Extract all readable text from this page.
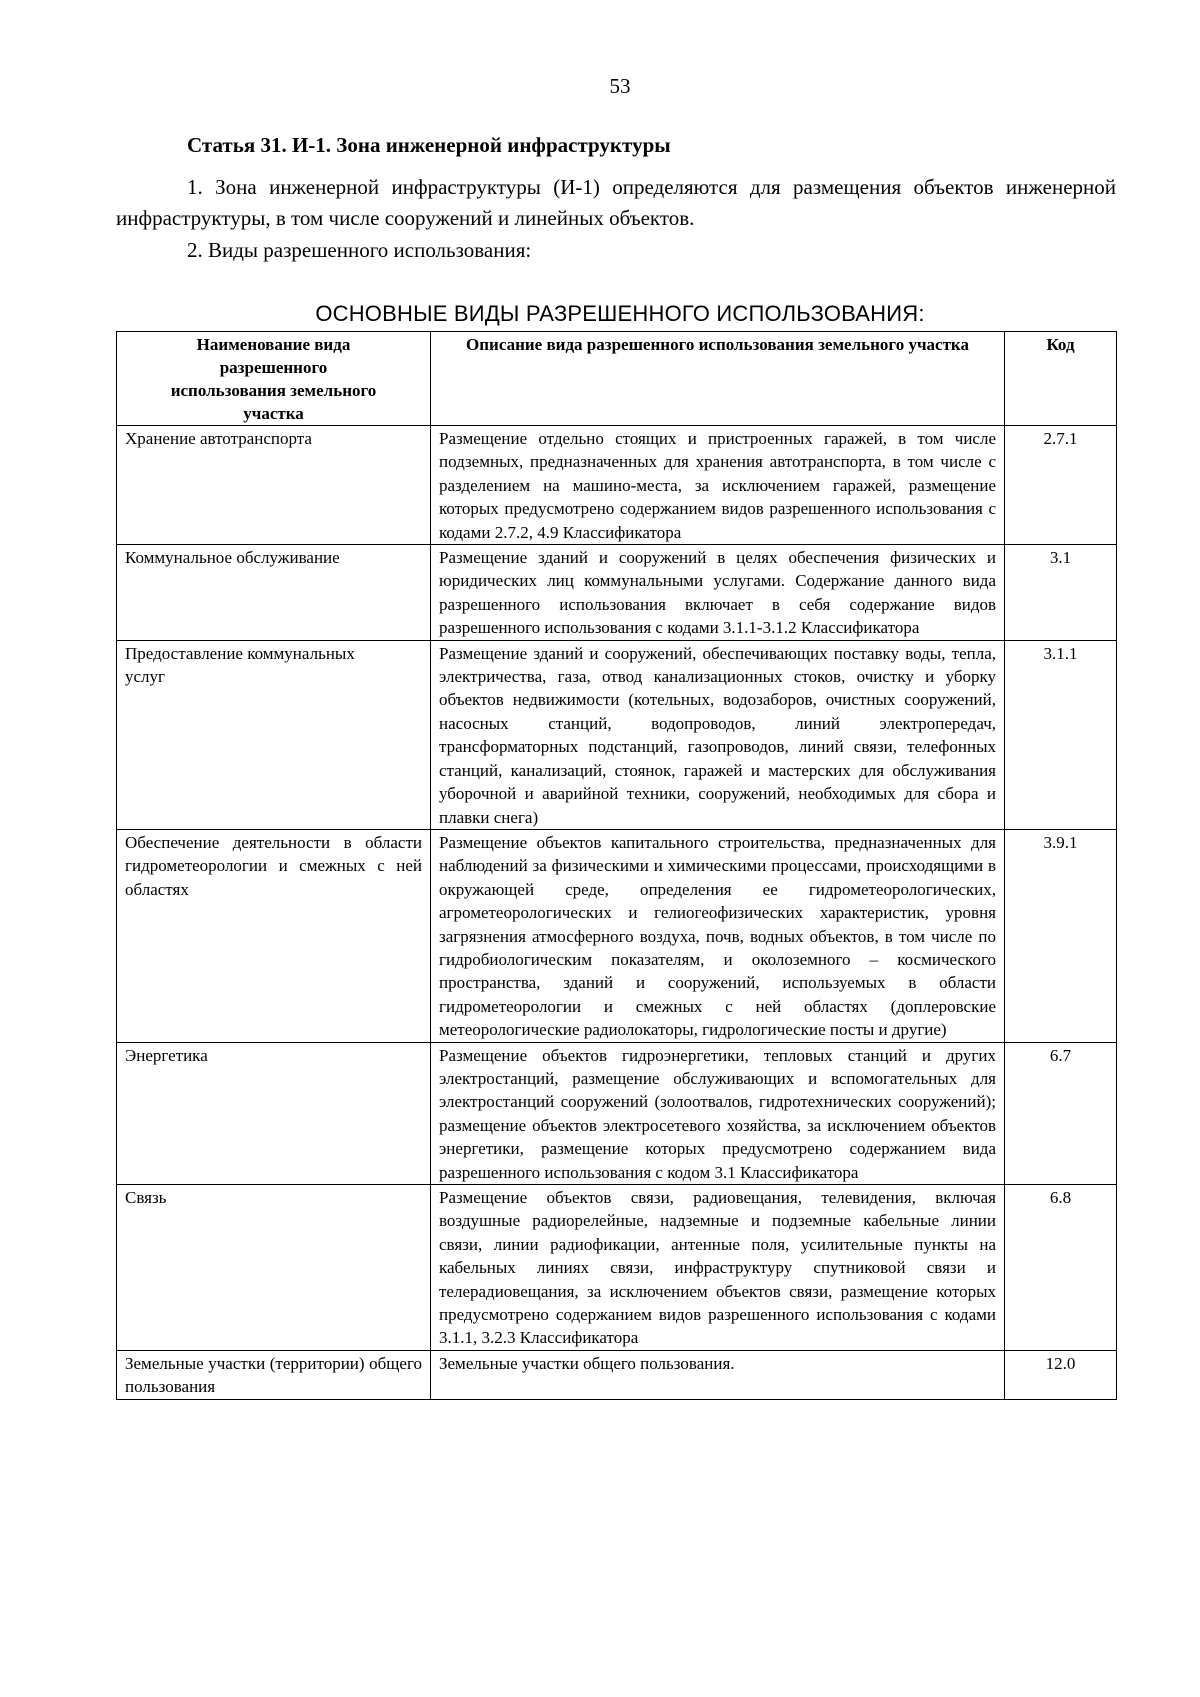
53
Статья 31. И-1. Зона инженерной инфраструктуры
1. Зона инженерной инфраструктуры (И-1) определяются для размещения объектов инженерной инфраструктуры, в том числе сооружений и линейных объектов.
2. Виды разрешенного использования:
ОСНОВНЫЕ ВИДЫ РАЗРЕШЕННОГО ИСПОЛЬЗОВАНИЯ:
Наименование вида разрешенного использования земельного участка	Описание вида разрешенного использования земельного участка	Код
Хранение автотранспорта	Размещение отдельно стоящих и пристроенных гаражей, в том числе подземных, предназначенных для хранения автотранспорта, в том числе с разделением на машино-места, за исключением гаражей, размещение которых предусмотрено содержанием видов разрешенного использования с кодами 2.7.2, 4.9 Классификатора	2.7.1
Коммунальное обслуживание	Размещение зданий и сооружений в целях обеспечения физических и юридических лиц коммунальными услугами. Содержание данного вида разрешенного использования включает в себя содержание видов разрешенного использования с кодами 3.1.1-3.1.2 Классификатора	3.1
Предоставление коммунальных услуг	Размещение зданий и сооружений, обеспечивающих поставку воды, тепла, электричества, газа, отвод канализационных стоков, очистку и уборку объектов недвижимости (котельных, водозаборов, очистных сооружений, насосных станций, водопроводов, линий электропередач, трансформаторных подстанций, газопроводов, линий связи, телефонных станций, канализаций, стоянок, гаражей и мастерских для обслуживания уборочной и аварийной техники, сооружений, необходимых для сбора и плавки снега)	3.1.1
Обеспечение деятельности в области гидрометеорологии и смежных с ней областях	Размещение объектов капитального строительства, предназначенных для наблюдений за физическими и химическими процессами, происходящими в окружающей среде, определения ее гидрометеорологических, агрометеорологических и гелиогеофизических характеристик, уровня загрязнения атмосферного воздуха, почв, водных объектов, в том числе по гидробиологическим показателям, и околоземного – космического пространства, зданий и сооружений, используемых в области гидрометеорологии и смежных с ней областях (доплеровские метеорологические радиолокаторы, гидрологические посты и другие)	3.9.1
Энергетика	Размещение объектов гидроэнергетики, тепловых станций и других электростанций, размещение обслуживающих и вспомогательных для электростанций сооружений (золоотвалов, гидротехнических сооружений); размещение объектов электросетевого хозяйства, за исключением объектов энергетики, размещение которых предусмотрено содержанием вида разрешенного использования с кодом 3.1 Классификатора	6.7
Связь	Размещение объектов связи, радиовещания, телевидения, включая воздушные радиорелейные, надземные и подземные кабельные линии связи, линии радиофикации, антенные поля, усилительные пункты на кабельных линиях связи, инфраструктуру спутниковой связи и телерадиовещания, за исключением объектов связи, размещение которых предусмотрено содержанием видов разрешенного использования с кодами 3.1.1, 3.2.3 Классификатора	6.8
Земельные участки (территории) общего пользования	Земельные участки общего пользования.	12.0
